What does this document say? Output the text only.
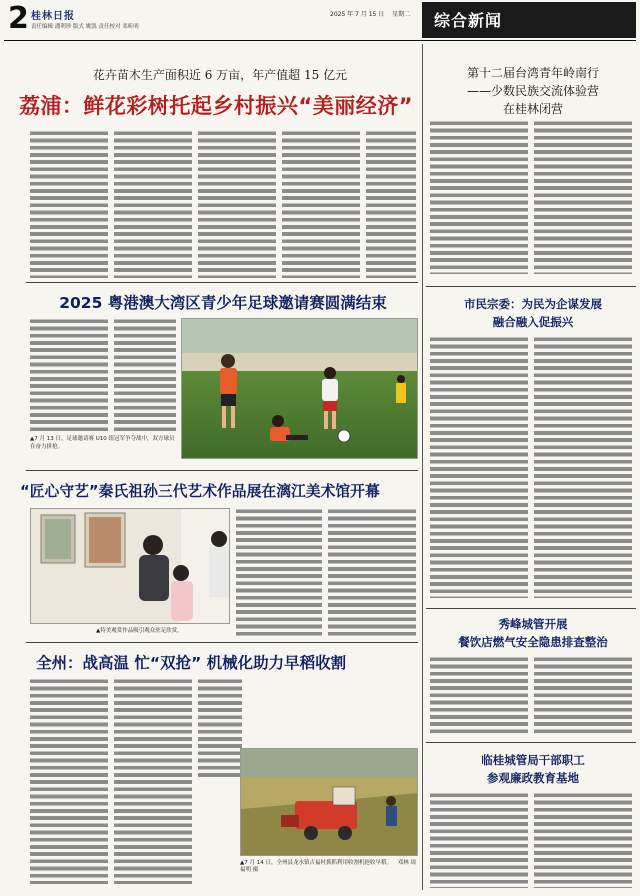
2 桂林日报
责任编辑 潘利珍 版式 姚凯 责任校对 邓昕明
2025 年 7 月 15 日 星期二 综合新闻
花卉苗木生产面积近 6 万亩，年产值超 15 亿元
荔浦：鲜花彩树托起乡村振兴“美丽经济”
2025 粤港澳大湾区青少年足球邀请赛圆满结束
▲7 月 13 日，足球邀请赛 U10 组冠军争夺战中，双方球员在奋力拼抢。
“匠心守艺”秦氏祖孙三代艺术作品展在漓江美术馆开幕
▲特美观赏作品吸引观众驻足欣赏。
全州：战高温 忙“双抢” 机械化助力早稻收割
▲7 月 14 日，全州县龙水镇吉福村抓抓利用收割机抢收早稻。 邓林 周福明 摄
第十二届台湾青年岭南行
——少数民族交流体验营
在桂林闭营
市民宗委：为民为企谋发展
融合融入促振兴
秀峰城管开展
餐饮店燃气安全隐患排查整治
临桂城管局干部职工
参观廉政教育基地
